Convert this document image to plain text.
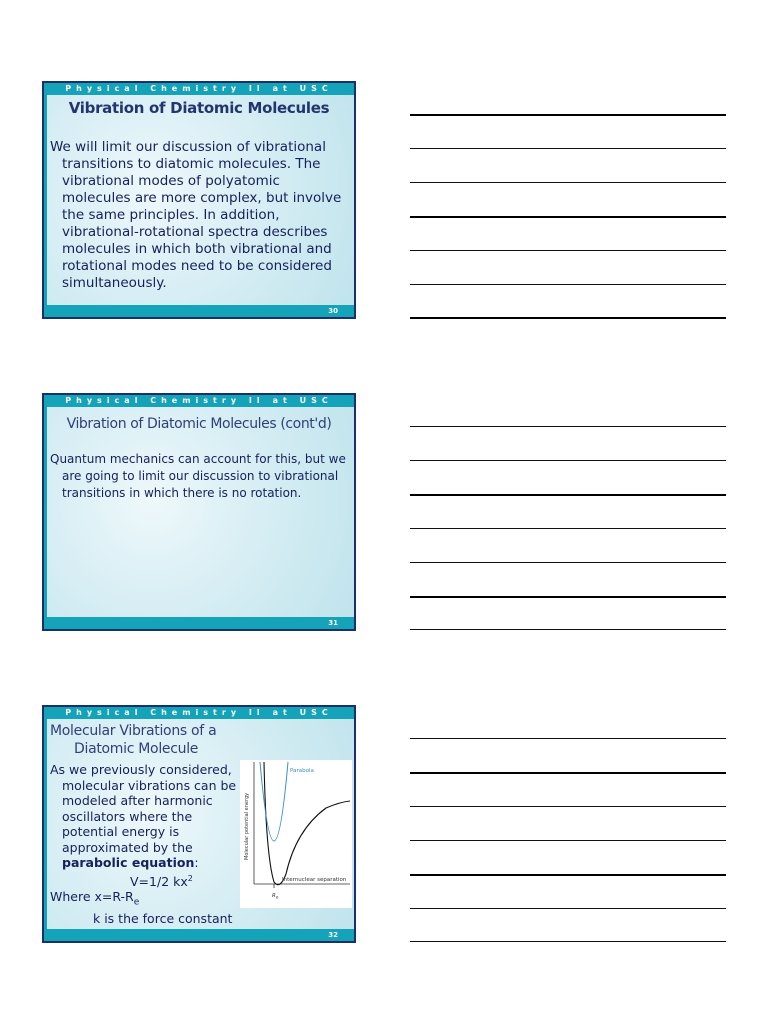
Physical Chemistry II at USC
Vibration of Diatomic Molecules

We will limit our discussion of vibrational transitions to diatomic molecules. The vibrational modes of polyatomic molecules are more complex, but involve the same principles. In addition, vibrational-rotational spectra describes molecules in which both vibrational and rotational modes need to be considered simultaneously.

30
Physical Chemistry II at USC
Vibration of Diatomic Molecules (cont'd)

Quantum mechanics can account for this, but we are going to limit our discussion to vibrational transitions in which there is no rotation.

31
Physical Chemistry II at USC
Molecular Vibrations of a
Diatomic Molecule

As we previously considered, molecular vibrations can be modeled after harmonic oscillators where the potential energy is approximated by the parabolic equation:

V=1/2 $kx^2$
Where $x=R-R_e$
k is the force constant
Parabola
Molecular potential energy
Internuclear separation
$R_e$
32
